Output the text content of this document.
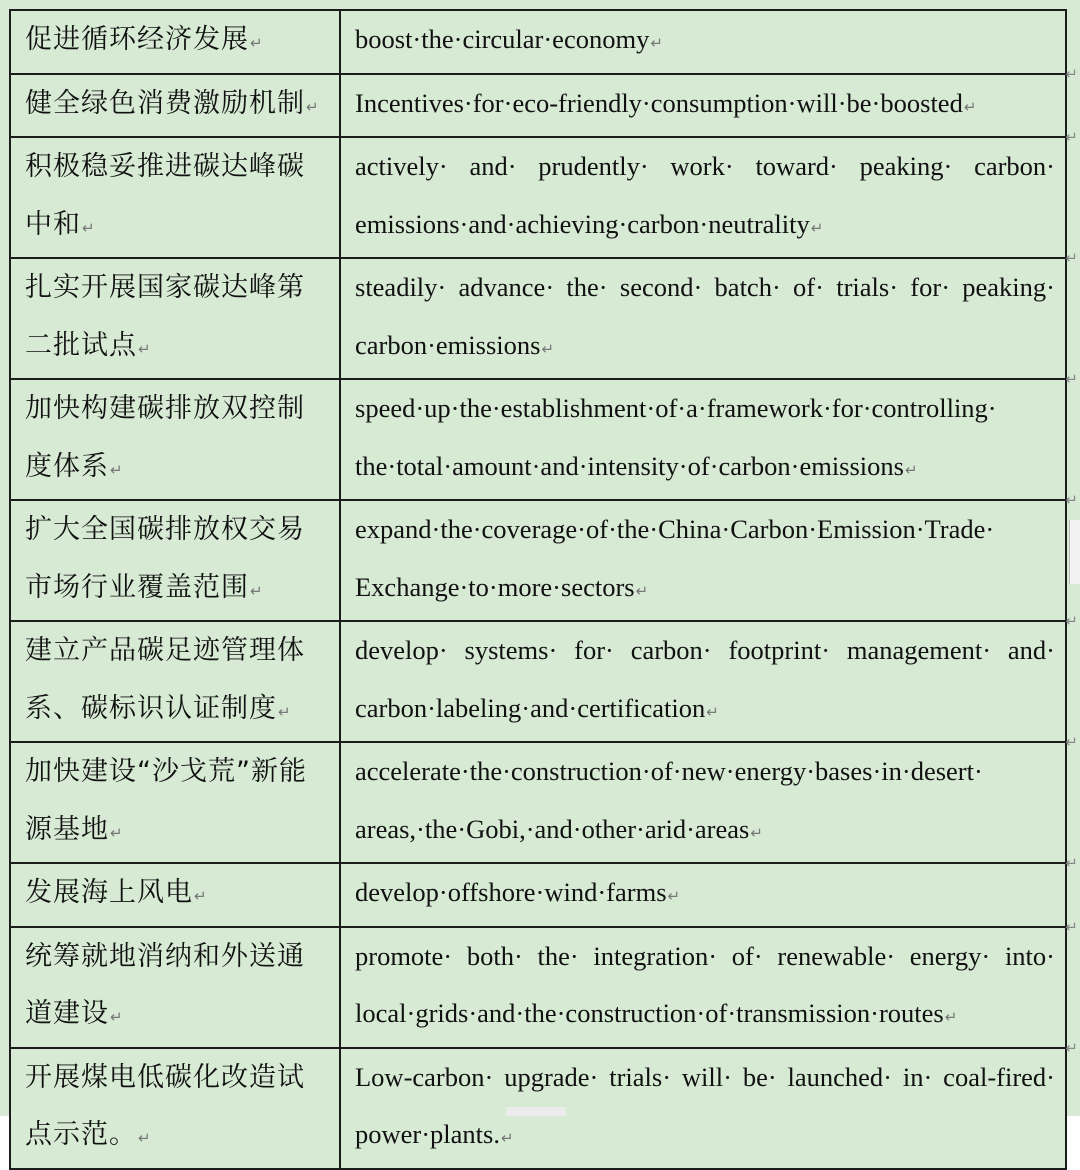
促进循环经济发展↵	boost·the·circular·economy↵
健全绿色消费激励机制↵	Incentives·for·eco-friendly·consumption·will·be·boosted↵
积极稳妥推进碳达峰碳中和↵	actively· and· prudently· work· toward· peaking· carbon· emissions·and·achieving·carbon·neutrality↵
扎实开展国家碳达峰第二批试点↵	steadily· advance· the· second· batch· of· trials· for· peaking· carbon·emissions↵
加快构建碳排放双控制度体系↵	speed·up·the·establishment·of·a·framework·for·controlling· the·total·amount·and·intensity·of·carbon·emissions↵
扩大全国碳排放权交易市场行业覆盖范围↵	expand·the·coverage·of·the·China·Carbon·Emission·Trade· Exchange·to·more·sectors↵
建立产品碳足迹管理体系、碳标识认证制度↵	develop· systems· for· carbon· footprint· management· and· carbon·labeling·and·certification↵
加快建设“沙戈荒”新能源基地↵	accelerate·the·construction·of·new·energy·bases·in·desert· areas,·the·Gobi,·and·other·arid·areas↵
发展海上风电↵	develop·offshore·wind·farms↵
统筹就地消纳和外送通道建设↵	promote· both· the· integration· of· renewable· energy· into· local·grids·and·the·construction·of·transmission·routes↵
开展煤电低碳化改造试点示范。↵	Low-carbon· upgrade· trials· will· be· launched· in· coal-fired· power·plants.↵
↵
↵
↵
↵
↵
↵
↵
↵
↵
↵
